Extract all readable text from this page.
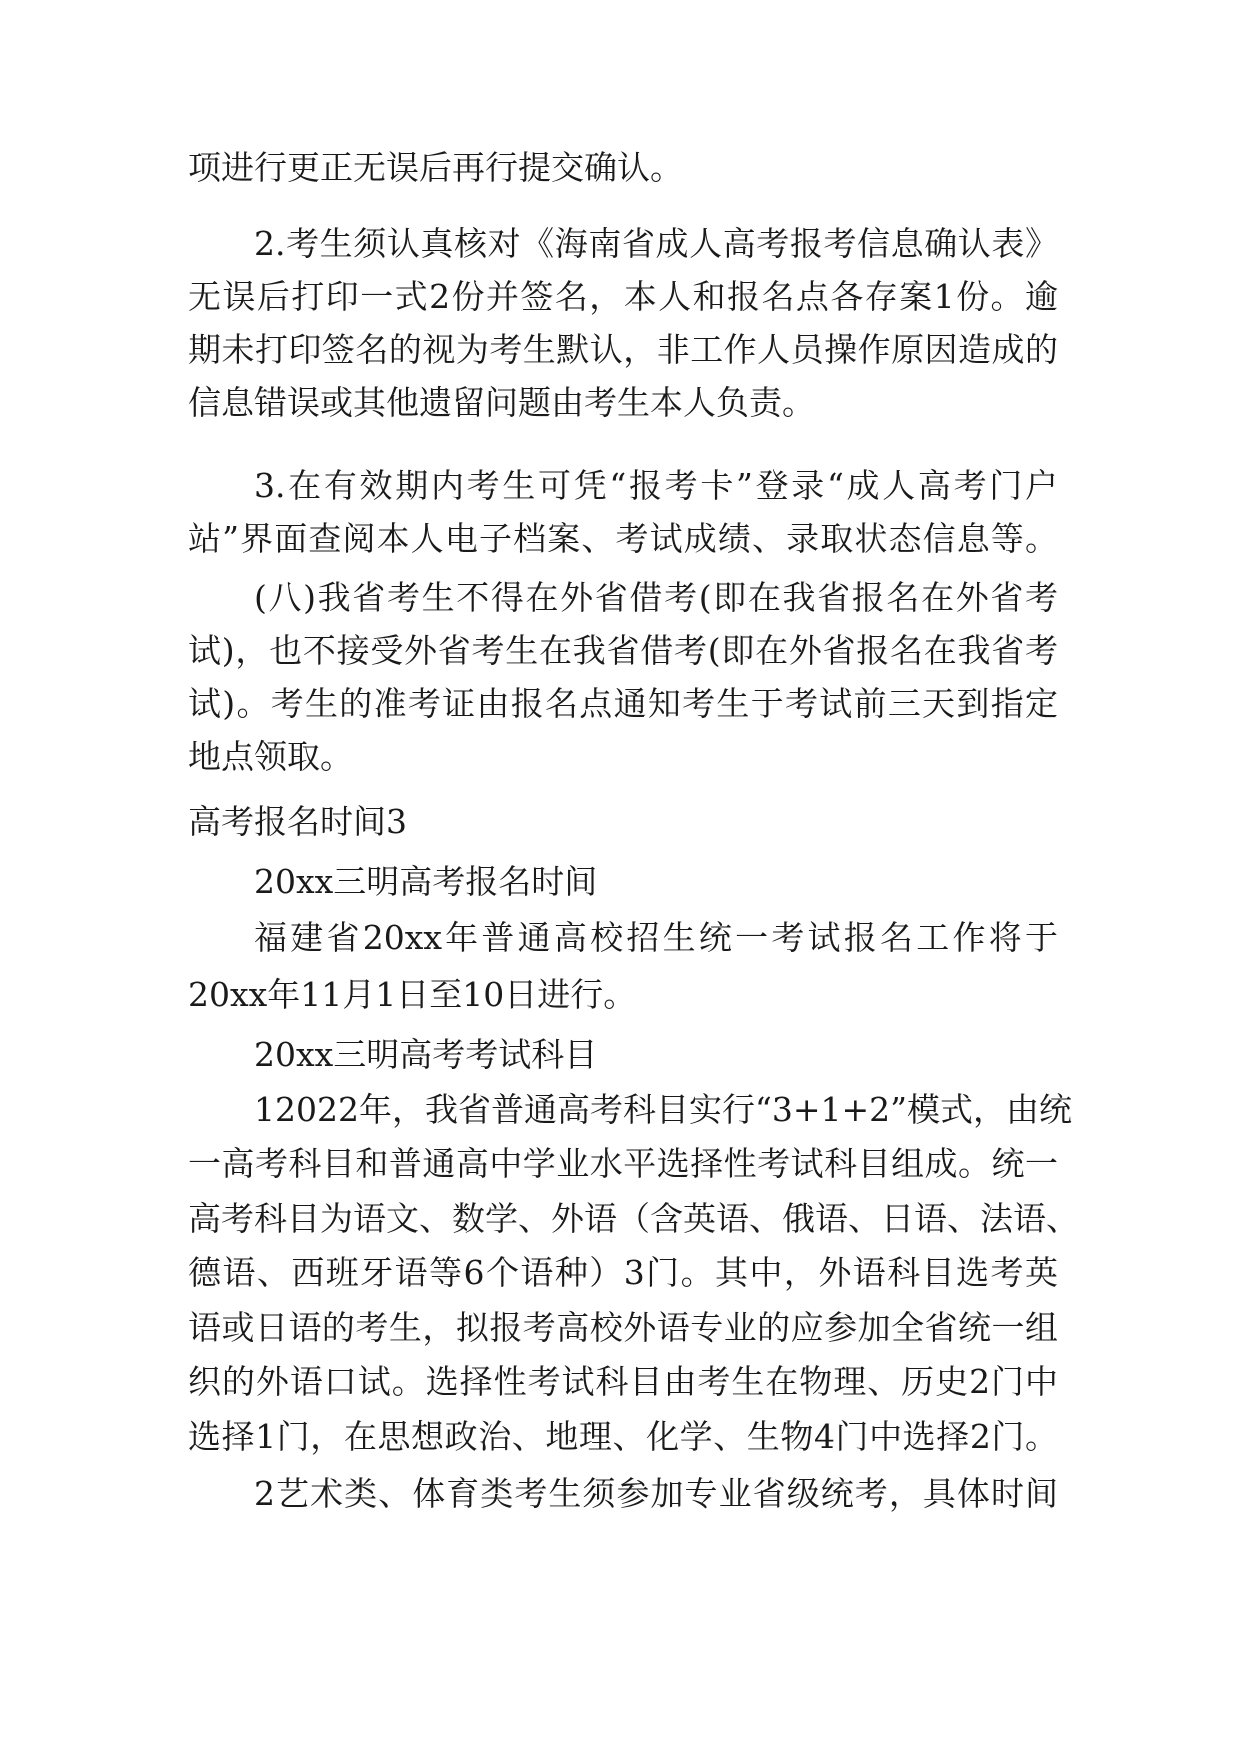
项进行更正无误后再行提交确认。
2.考生须认真核对《海南省成人高考报考信息确认表》
无误后打印一式2份并签名，本人和报名点各存案1份。逾
期未打印签名的视为考生默认，非工作人员操作原因造成的
信息错误或其他遗留问题由考生本人负责。
3.在有效期内考生可凭“报考卡”登录“成人高考门户
站”界面查阅本人电子档案、考试成绩、录取状态信息等。
(八)我省考生不得在外省借考(即在我省报名在外省考
试)，也不接受外省考生在我省借考(即在外省报名在我省考
试)。考生的准考证由报名点通知考生于考试前三天到指定
地点领取。
高考报名时间3
20xx三明高考报名时间
福建省20xx年普通高校招生统一考试报名工作将于
20xx年11月1日至10日进行。
20xx三明高考考试科目
12022年，我省普通高考科目实行“3+1+2”模式，由统
一高考科目和普通高中学业水平选择性考试科目组成。统一
高考科目为语文、数学、外语（含英语、俄语、日语、法语、
德语、西班牙语等6个语种）3门。其中，外语科目选考英
语或日语的考生，拟报考高校外语专业的应参加全省统一组
织的外语口试。选择性考试科目由考生在物理、历史2门中
选择1门，在思想政治、地理、化学、生物4门中选择2门。
2艺术类、体育类考生须参加专业省级统考，具体时间
